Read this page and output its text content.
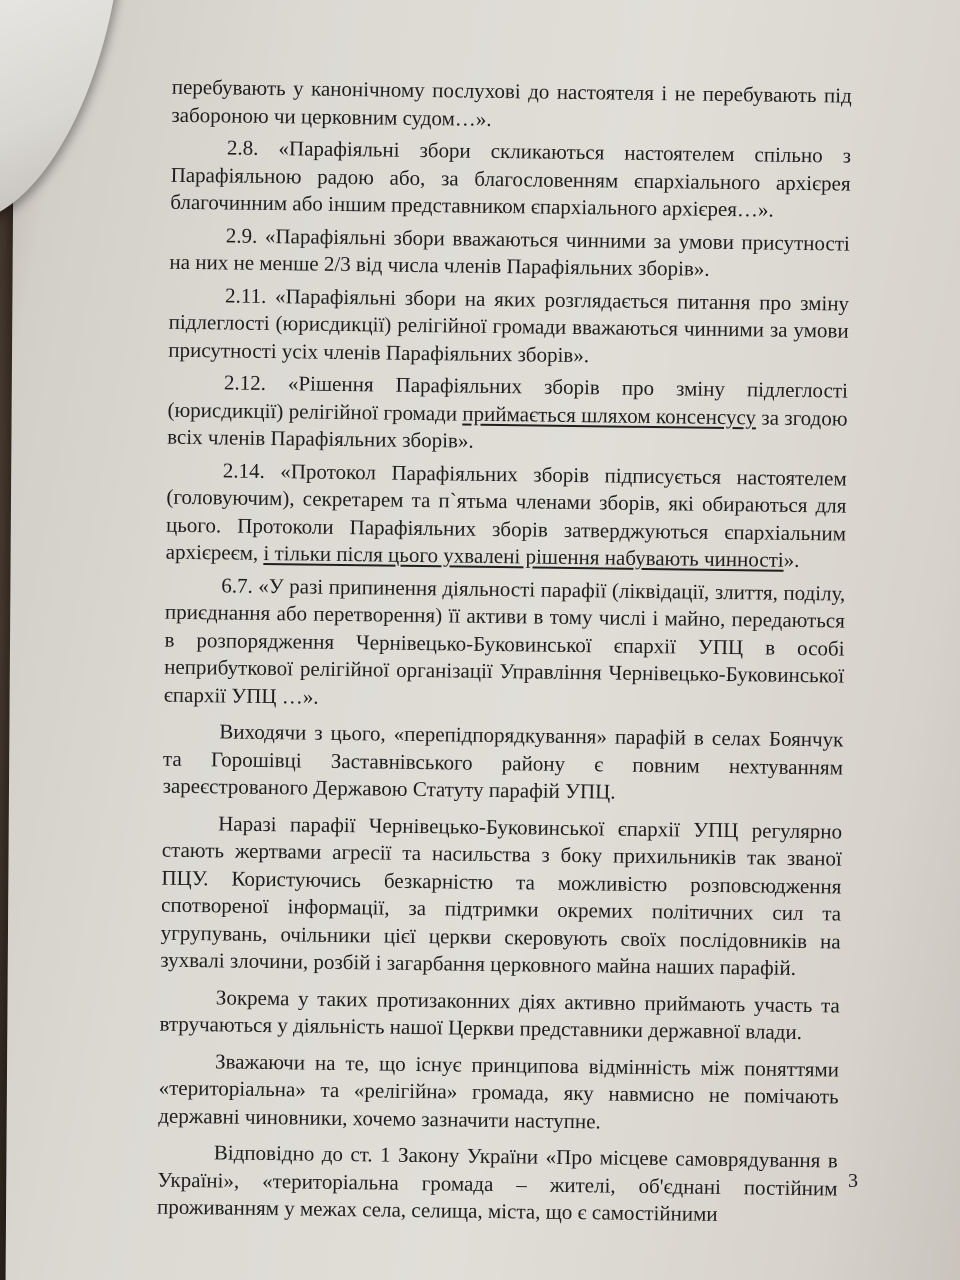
перебувають у канонічному послухові до настоятеля і не перебувають під забороною чи церковним судом…».

2.8. «Парафіяльні збори скликаються настоятелем спільно з Парафіяльною радою або, за благословенням єпархіального архієрея благочинним або іншим представником єпархіального архієрея…».

2.9. «Парафіяльні збори вважаються чинними за умови присутності на них не менше 2/3 від числа членів Парафіяльних зборів».

2.11. «Парафіяльні збори на яких розглядається питання про зміну підлеглості (юрисдикції) релігійної громади вважаються чинними за умови присутності усіх членів Парафіяльних зборів».

2.12. «Рішення Парафіяльних зборів про зміну підлеглості (юрисдикції) релігійної громади приймається шляхом консенсусу за згодою всіх членів Парафіяльних зборів».

2.14. «Протокол Парафіяльних зборів підписується настоятелем (головуючим), секретарем та п`ятьма членами зборів, які обираються для цього. Протоколи Парафіяльних зборів затверджуються єпархіальним архієреєм, і тільки після цього ухвалені рішення набувають чинності».

6.7. «У разі припинення діяльності парафії (ліквідації, злиття, поділу, приєднання або перетворення) її активи в тому числі і майно, передаються в розпорядження Чернівецько-Буковинської єпархії УПЦ в особі неприбуткової релігійної організації Управління Чернівецько-Буковинської єпархії УПЦ …».

Виходячи з цього, «перепідпорядкування» парафій в селах Боянчук та Горошівці Заставнівського району є повним нехтуванням зареєстрованого Державою Статуту парафій УПЦ.

Наразі парафії Чернівецько-Буковинської єпархії УПЦ регулярно стають жертвами агресії та насильства з боку прихильників так званої ПЦУ. Користуючись безкарністю та можливістю розповсюдження спотвореної інформації, за підтримки окремих політичних сил та угрупувань, очільники цієї церкви скеровують своїх послідовників на зухвалі злочини, розбій і загарбання церковного майна наших парафій.

Зокрема у таких протизаконних діях активно приймають участь та втручаються у діяльність нашої Церкви представники державної влади.

Зважаючи на те, що існує принципова відмінність між поняттями «територіальна» та «релігійна» громада, яку навмисно не помічають державні чиновники, хочемо зазначити наступне.

Відповідно до ст. 1 Закону України «Про місцеве самоврядування в Україні», «територіальна громада – жителі, об'єднані постійним проживанням у межах села, селища, міста, що є самостійними

3
